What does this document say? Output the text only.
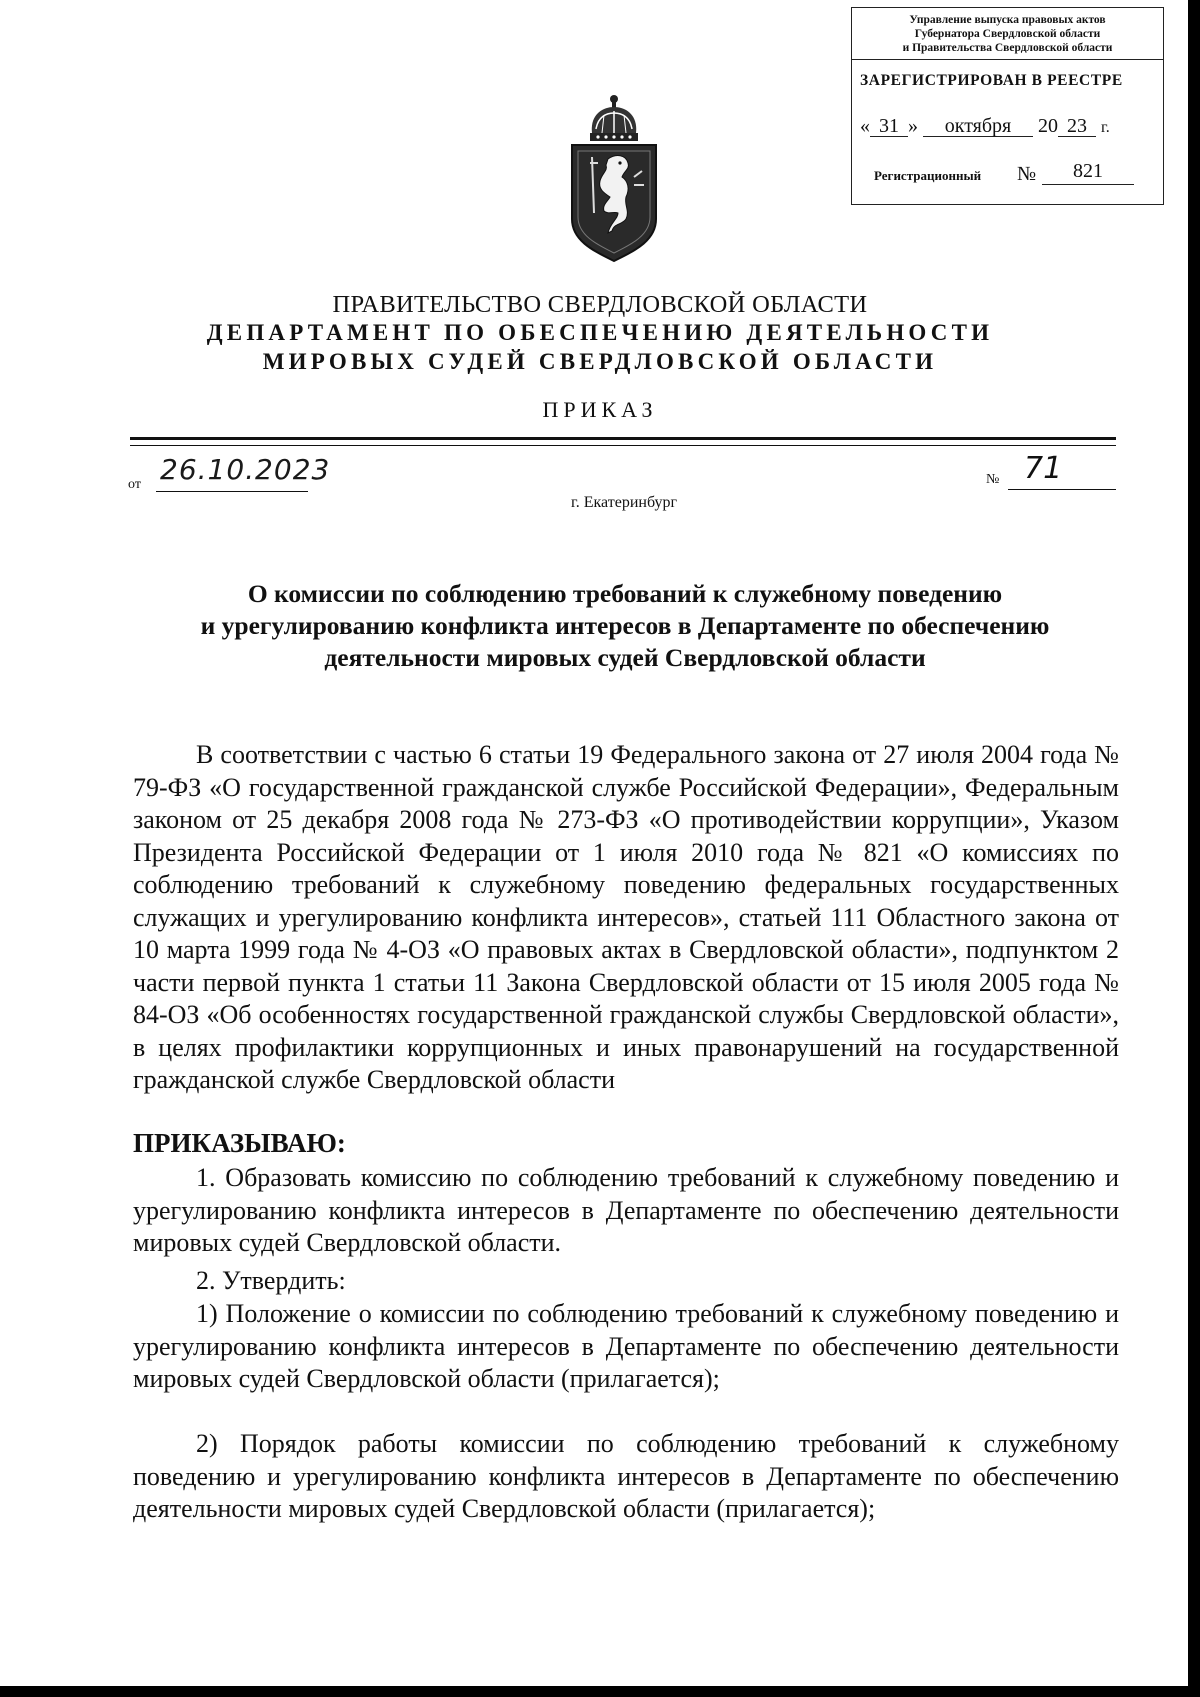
Управление выпуска правовых актов
Губернатора Свердловской области
и Правительства Свердловской области
ЗАРЕГИСТРИРОВАН В РЕЕСТРЕ
« 31 » октября 20 23 г.
Регистрационный №	821
ПРАВИТЕЛЬСТВО СВЕРДЛОВСКОЙ ОБЛАСТИ
ДЕПАРТАМЕНТ ПО ОБЕСПЕЧЕНИЮ ДЕЯТЕЛЬНОСТИ
МИРОВЫХ СУДЕЙ СВЕРДЛОВСКОЙ ОБЛАСТИ
ПРИКАЗ
от 26.10.2023	№ 71
г. Екатеринбург
О комиссии по соблюдению требований к служебному поведению
и урегулированию конфликта интересов в Департаменте по обеспечению
деятельности мировых судей Свердловской области

В соответствии с частью 6 статьи 19 Федерального закона от 27 июля 2004 года № 79-ФЗ «О государственной гражданской службе Российской Федерации», Федеральным законом от 25 декабря 2008 года № 273-ФЗ «О противодействии коррупции», Указом Президента Российской Федерации от 1 июля 2010 года № 821 «О комиссиях по соблюдению требований к служебному поведению федеральных государственных служащих и урегулированию конфликта интересов», статьей 111 Областного закона от 10 марта 1999 года № 4-ОЗ «О правовых актах в Свердловской области», подпунктом 2 части первой пункта 1 статьи 11 Закона Свердловской области от 15 июля 2005 года № 84-ОЗ «Об особенностях государственной гражданской службы Свердловской области», в целях профилактики коррупционных и иных правонарушений на государственной гражданской службе Свердловской области

ПРИКАЗЫВАЮ:

1. Образовать комиссию по соблюдению требований к служебному поведению и урегулированию конфликта интересов в Департаменте по обеспечению деятельности мировых судей Свердловской области.

2. Утвердить:

1) Положение о комиссии по соблюдению требований к служебному поведению и урегулированию конфликта интересов в Департаменте по обеспечению деятельности мировых судей Свердловской области (прилагается);

2) Порядок работы комиссии по соблюдению требований к служебному поведению и урегулированию конфликта интересов в Департаменте по обеспечению деятельности мировых судей Свердловской области (прилагается);
